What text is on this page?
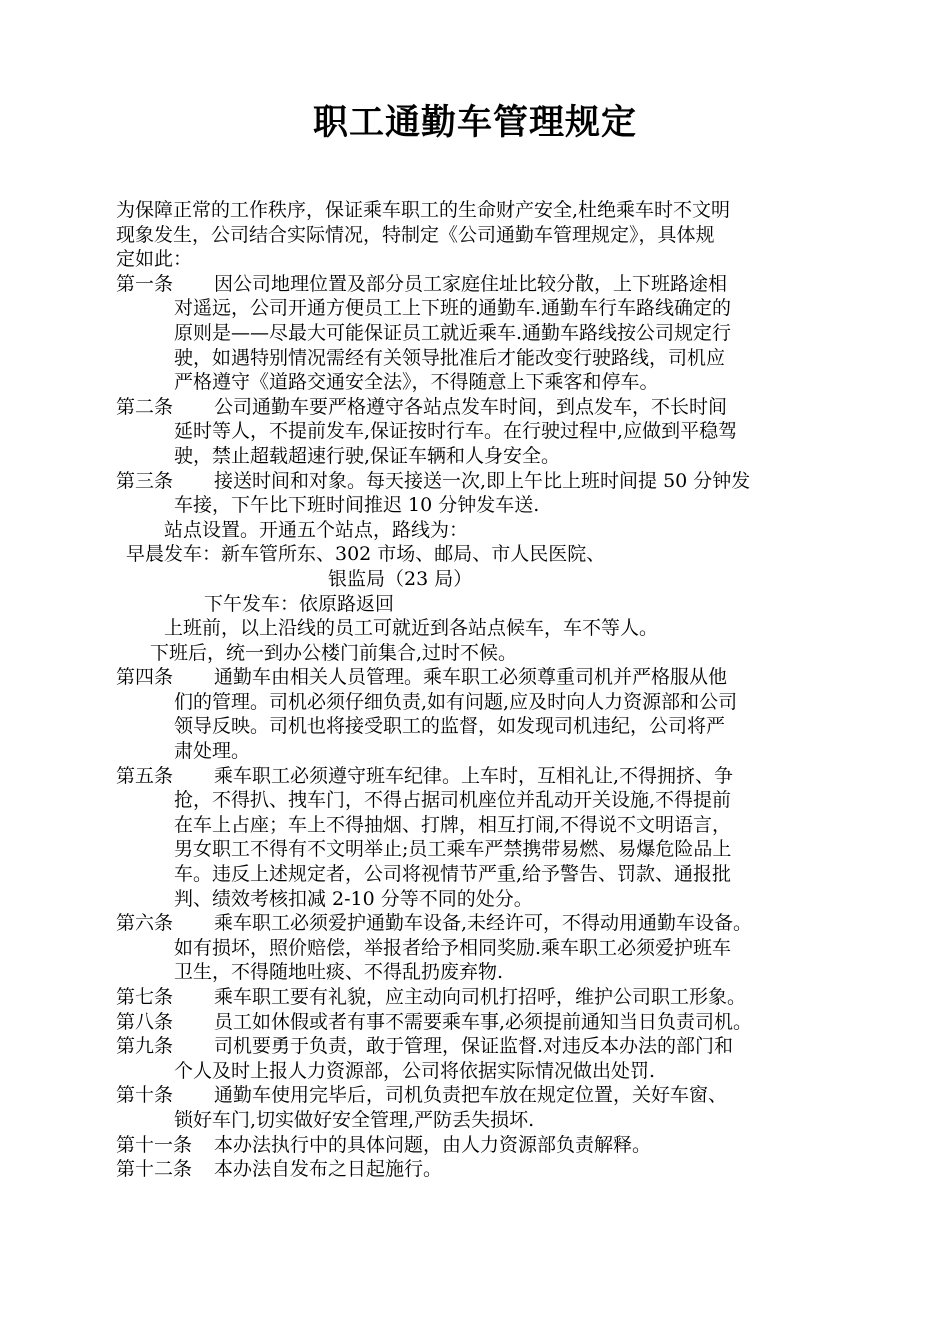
职工通勤车管理规定
为保障正常的工作秩序，保证乘车职工的生命财产安全,杜绝乘车时不文明
现象发生，公司结合实际情况，特制定《公司通勤车管理规定》，具体规
定如此：
第一条 因公司地理位置及部分员工家庭住址比较分散，上下班路途相
对遥远，公司开通方便员工上下班的通勤车.通勤车行车路线确定的
原则是——尽最大可能保证员工就近乘车.通勤车路线按公司规定行
驶，如遇特别情况需经有关领导批准后才能改变行驶路线，司机应
严格遵守《道路交通安全法》，不得随意上下乘客和停车。
第二条 公司通勤车要严格遵守各站点发车时间，到点发车，不长时间
延时等人，不提前发车,保证按时行车。在行驶过程中,应做到平稳驾
驶，禁止超载超速行驶,保证车辆和人身安全。
第三条 接送时间和对象。每天接送一次,即上午比上班时间提 50 分钟发
车接，下午比下班时间推迟 10 分钟发车送.
站点设置。开通五个站点，路线为：
早晨发车：新车管所东、302 市场、邮局、市人民医院、
银监局（23 局）
下午发车：依原路返回
上班前，以上沿线的员工可就近到各站点候车，车不等人。
下班后，统一到办公楼门前集合,过时不候。
第四条 通勤车由相关人员管理。乘车职工必须尊重司机并严格服从他
们的管理。司机必须仔细负责,如有问题,应及时向人力资源部和公司
领导反映。司机也将接受职工的监督，如发现司机违纪，公司将严
肃处理。
第五条 乘车职工必须遵守班车纪律。上车时，互相礼让,不得拥挤、争
抢，不得扒、拽车门，不得占据司机座位并乱动开关设施,不得提前
在车上占座；车上不得抽烟、打牌，相互打闹,不得说不文明语言，
男女职工不得有不文明举止;员工乘车严禁携带易燃、易爆危险品上
车。违反上述规定者，公司将视情节严重,给予警告、罚款、通报批
判、绩效考核扣减 2-10 分等不同的处分。
第六条 乘车职工必须爱护通勤车设备,未经许可，不得动用通勤车设备。
如有损坏，照价赔偿，举报者给予相同奖励.乘车职工必须爱护班车
卫生，不得随地吐痰、不得乱扔废弃物.
第七条 乘车职工要有礼貌，应主动向司机打招呼，维护公司职工形象。
第八条 员工如休假或者有事不需要乘车事,必须提前通知当日负责司机。
第九条 司机要勇于负责，敢于管理，保证监督.对违反本办法的部门和
个人及时上报人力资源部，公司将依据实际情况做出处罚.
第十条 通勤车使用完毕后，司机负责把车放在规定位置，关好车窗、
锁好车门,切实做好安全管理,严防丢失损坏.
第十一条 本办法执行中的具体问题，由人力资源部负责解释。
第十二条 本办法自发布之日起施行。
